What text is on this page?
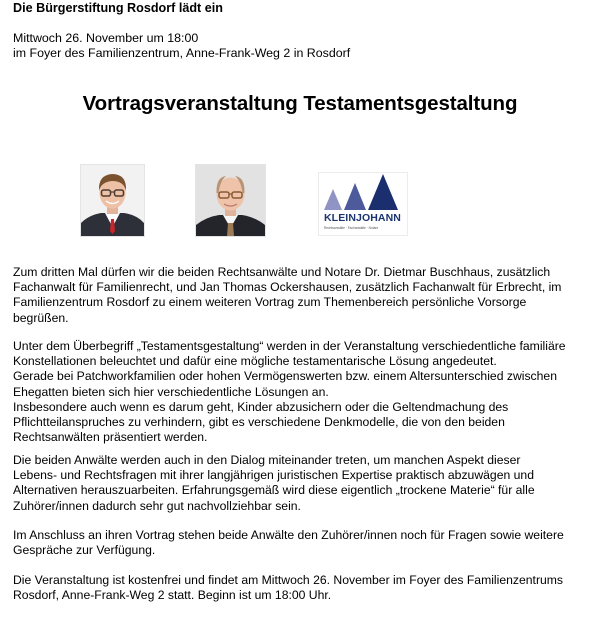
Die Bürgerstiftung Rosdorf lädt ein
Mittwoch 26. November um 18:00
im Foyer des Familienzentrum, Anne-Frank-Weg 2 in Rosdorf
Vortragsveranstaltung Testamentsgestaltung
KLEINJOHANN
Rechtsanwälte · Fachanwälte · Notare

Zum dritten Mal dürfen wir die beiden Rechtsanwälte und Notare Dr. Dietmar Buschhaus, zusätzlich
Fachanwalt für Familienrecht, und Jan Thomas Ockershausen, zusätzlich Fachanwalt für Erbrecht, im
Familienzentrum Rosdorf zu einem weiteren Vortrag zum Themenbereich persönliche Vorsorge
begrüßen.

Unter dem Überbegriff „Testamentsgestaltung“ werden in der Veranstaltung verschiedentliche familiäre
Konstellationen beleuchtet und dafür eine mögliche testamentarische Lösung angedeutet.
Gerade bei Patchworkfamilien oder hohen Vermögenswerten bzw. einem Altersunterschied zwischen
Ehegatten bieten sich hier verschiedentliche Lösungen an.
Insbesondere auch wenn es darum geht, Kinder abzusichern oder die Geltendmachung des
Pflichtteilanspruches zu verhindern, gibt es verschiedene Denkmodelle, die von den beiden
Rechtsanwälten präsentiert werden.

Die beiden Anwälte werden auch in den Dialog miteinander treten, um manchen Aspekt dieser
Lebens- und Rechtsfragen mit ihrer langjährigen juristischen Expertise praktisch abzuwägen und
Alternativen herauszuarbeiten. Erfahrungsgemäß wird diese eigentlich „trockene Materie“ für alle
Zuhörer/innen dadurch sehr gut nachvollziehbar sein.

Im Anschluss an ihren Vortrag stehen beide Anwälte den Zuhörer/innen noch für Fragen sowie weitere
Gespräche zur Verfügung.

Die Veranstaltung ist kostenfrei und findet am Mittwoch 26. November im Foyer des Familienzentrums
Rosdorf, Anne-Frank-Weg 2 statt. Beginn ist um 18:00 Uhr.
